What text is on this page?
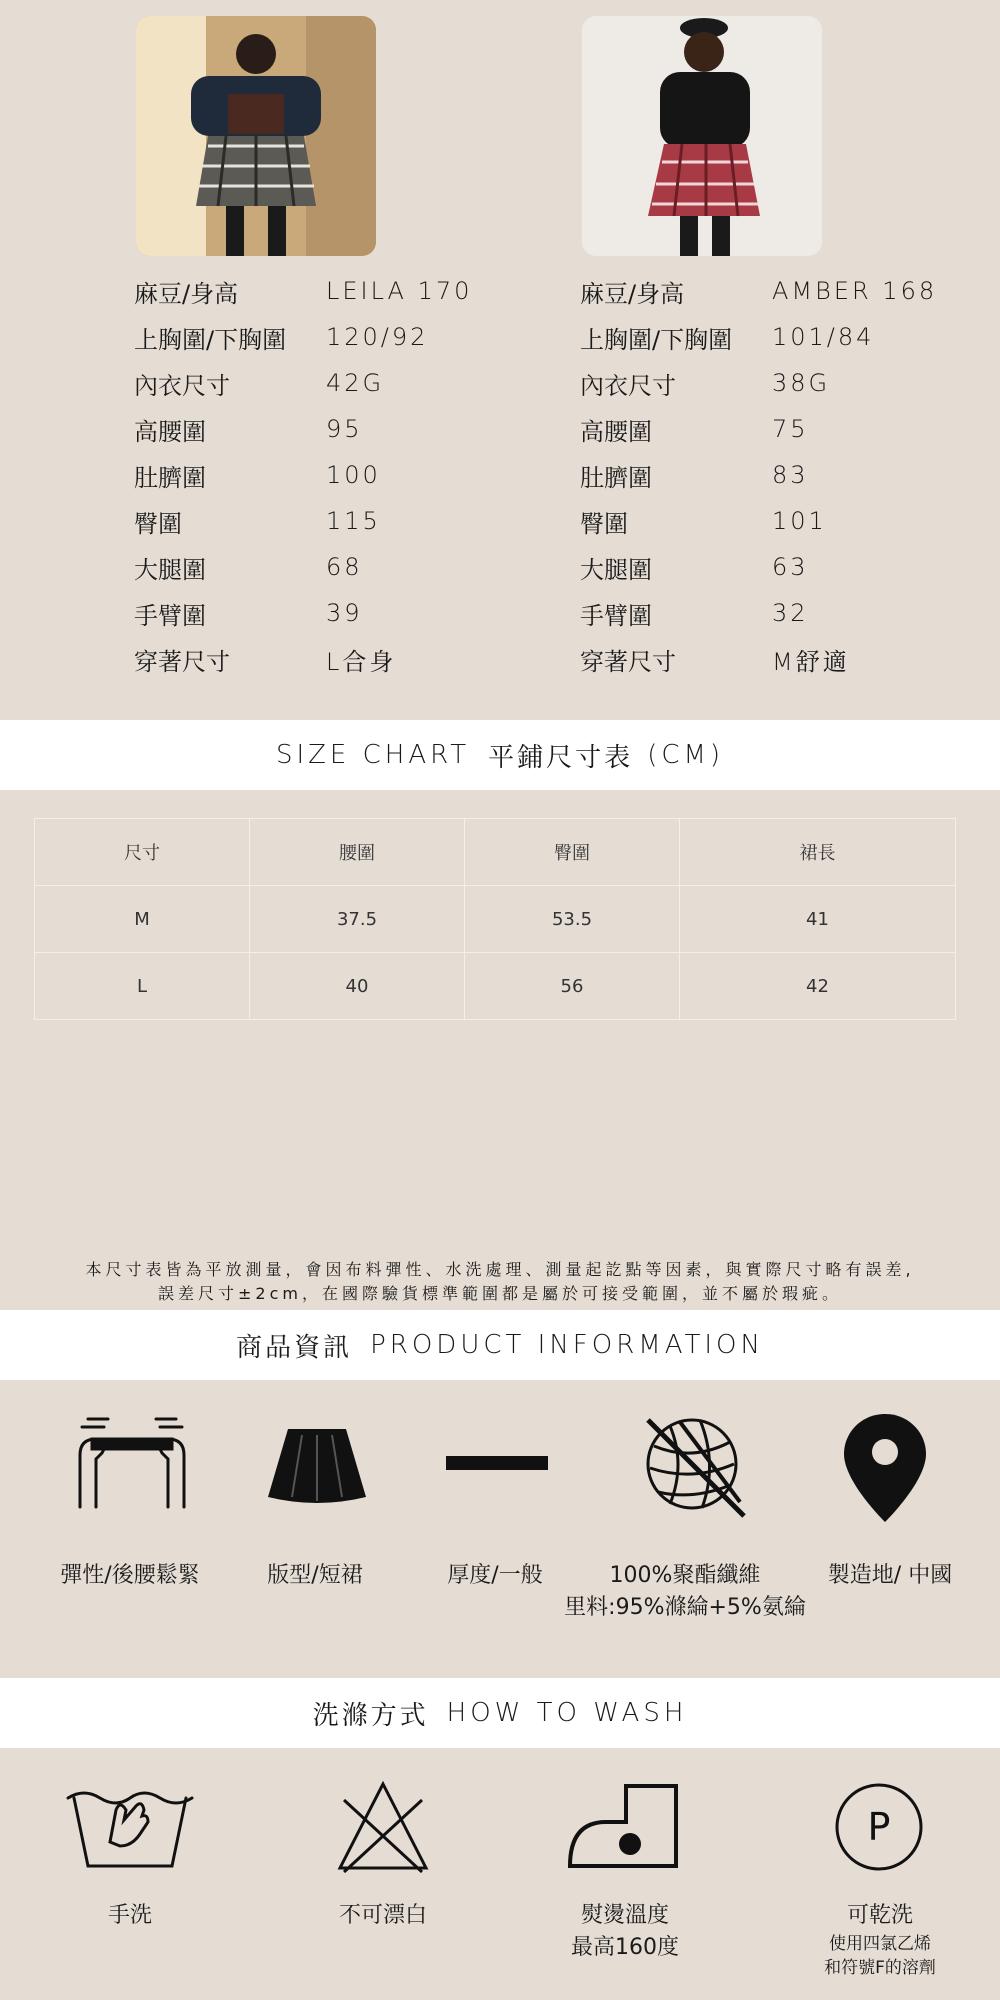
麻豆/身高	LEILA 170
上胸圍/下胸圍	120/92
內衣尺寸	42G
高腰圍	95
肚臍圍	100
臀圍	115
大腿圍	68
手臂圍	39
穿著尺寸	L合身
麻豆/身高	AMBER 168
上胸圍/下胸圍	101/84
內衣尺寸	38G
高腰圍	75
肚臍圍	83
臀圍	101
大腿圍	63
手臂圍	32
穿著尺寸	M舒適
SIZE CHART 平鋪尺寸表 (CM)
尺寸	腰圍	臀圍	裙長
M	37.5	53.5	41
L	40	56	42
本尺寸表皆為平放測量，會因布料彈性、水洗處理、測量起訖點等因素，與實際尺寸略有誤差,
誤差尺寸±2cm，在國際驗貨標準範圍都是屬於可接受範圍，並不屬於瑕疵。
商品資訊 PRODUCT INFORMATION
彈性/後腰鬆緊	版型/短裙	厚度/一般	100%聚酯纖維
里料:95%滌綸+5%氨綸
製造地/ 中國
洗滌方式 HOW TO WASH
P
手洗	不可漂白	熨燙溫度
最高160度
可乾洗
使用四氯乙烯
和符號F的溶劑
